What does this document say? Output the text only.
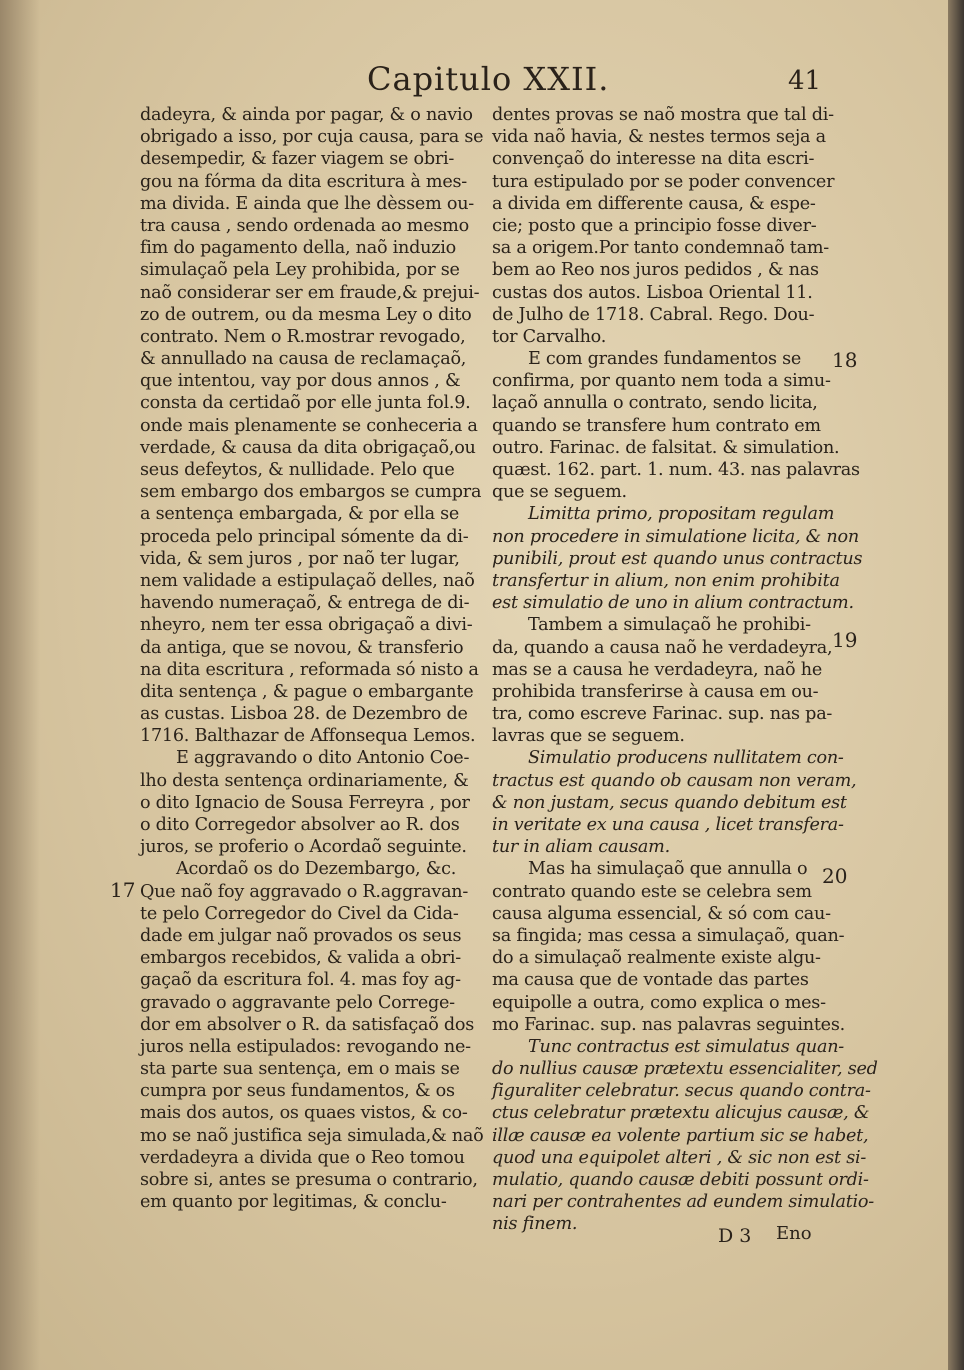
Capitulo XXII.	41
dadeyra, & ainda por pagar, & o navio
obrigado a isso, por cuja causa, para se
desempedir, & fazer viagem se obri-
gou na fórma da dita escritura à mes-
ma divida. E ainda que lhe dèssem ou-
tra causa , sendo ordenada ao mesmo
fim do pagamento della, naõ induzio
simulaçaõ pela Ley prohibida, por se
naõ considerar ser em fraude,& prejui-
zo de outrem, ou da mesma Ley o dito
contrato. Nem o R.mostrar revogado,
& annullado na causa de reclamaçaõ,
que intentou, vay por dous annos , &
consta da certidaõ por elle junta fol.9.
onde mais plenamente se conheceria a
verdade, & causa da dita obrigaçaõ,ou
seus defeytos, & nullidade. Pelo que
sem embargo dos embargos se cumpra
a sentença embargada, & por ella se
proceda pelo principal sómente da di-
vida, & sem juros , por naõ ter lugar,
nem validade a estipulaçaõ delles, naõ
havendo numeraçaõ, & entrega de di-
nheyro, nem ter essa obrigaçaõ a divi-
da antiga, que se novou, & transferio
na dita escritura , reformada só nisto a
dita sentença , & pague o embargante
as custas. Lisboa 28. de Dezembro de
1716. Balthazar de Affonsequa Lemos.
E aggravando o dito Antonio Coe-
lho desta sentença ordinariamente, &
o dito Ignacio de Sousa Ferreyra , por
o dito Corregedor absolver ao R. dos
juros, se proferio o Acordaõ seguinte.
Acordaõ os do Dezembargo, &c.
Que naõ foy aggravado o R.aggravan-
te pelo Corregedor do Civel da Cida-
dade em julgar naõ provados os seus
embargos recebidos, & valida a obri-
gaçaõ da escritura fol. 4. mas foy ag-
gravado o aggravante pelo Correge-
dor em absolver o R. da satisfaçaõ dos
juros nella estipulados: revogando ne-
sta parte sua sentença, em o mais se
cumpra por seus fundamentos, & os
mais dos autos, os quaes vistos, & co-
mo se naõ justifica seja simulada,& naõ
verdadeyra a divida que o Reo tomou
sobre si, antes se presuma o contrario,
em quanto por legitimas, & conclu-
dentes provas se naõ mostra que tal di-
vida naõ havia, & nestes termos seja a
convençaõ do interesse na dita escri-
tura estipulado por se poder convencer
a divida em differente causa, & espe-
cie; posto que a principio fosse diver-
sa a origem.Por tanto condemnaõ tam-
bem ao Reo nos juros pedidos , & nas
custas dos autos. Lisboa Oriental 11.
de Julho de 1718. Cabral. Rego. Dou-
tor Carvalho.
E com grandes fundamentos se
confirma, por quanto nem toda a simu-
laçaõ annulla o contrato, sendo licita,
quando se transfere hum contrato em
outro. Farinac. de falsitat. & simulation.
quæst. 162. part. 1. num. 43. nas palavras
que se seguem.
Limitta primo, propositam regulam
non procedere in simulatione licita, & non
punibili, prout est quando unus contractus
transfertur in alium, non enim prohibita
est simulatio de uno in alium contractum.
Tambem a simulaçaõ he prohibi-
da, quando a causa naõ he verdadeyra,
mas se a causa he verdadeyra, naõ he
prohibida transferirse à causa em ou-
tra, como escreve Farinac. sup. nas pa-
lavras que se seguem.
Simulatio producens nullitatem con-
tractus est quando ob causam non veram,
& non justam, secus quando debitum est
in veritate ex una causa , licet transfera-
tur in aliam causam.
Mas ha simulaçaõ que annulla o
contrato quando este se celebra sem
causa alguma essencial, & só com cau-
sa fingida; mas cessa a simulaçaõ, quan-
do a simulaçaõ realmente existe algu-
ma causa que de vontade das partes
equipolle a outra, como explica o mes-
mo Farinac. sup. nas palavras seguintes.
Tunc contractus est simulatus quan-
do nullius causæ prætextu essencialiter, sed
figuraliter celebratur. secus quando contra-
ctus celebratur prætextu alicujus causæ, &
illæ causæ ea volente partium sic se habet,
quod una equipolet alteri , & sic non est si-
mulatio, quando causæ debiti possunt ordi-
nari per contrahentes ad eundem simulatio-
nis finem.
17
18
19
20
D 3 Eno
